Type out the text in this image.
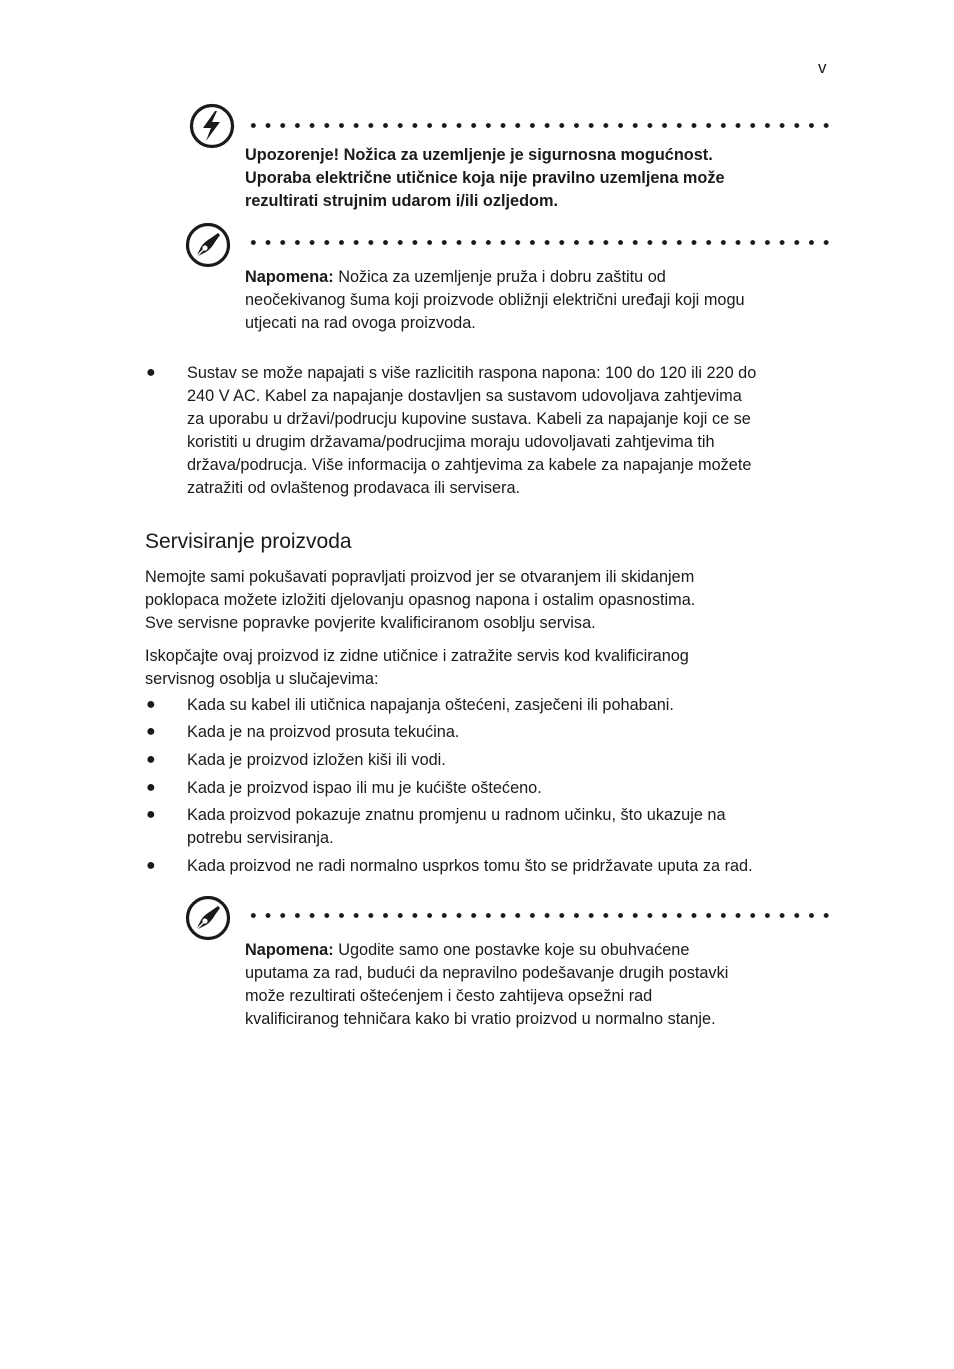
v
Upozorenje! Nožica za uzemljenje je sigurnosna mogućnost.
Uporaba električne utičnice koja nije pravilno uzemljena može
rezultirati strujnim udarom i/ili ozljedom.
Napomena: Nožica za uzemljenje pruža i dobru zaštitu od
neočekivanog šuma koji proizvode obližnji električni uređaji koji mogu
utjecati na rad ovoga proizvoda.
● Sustav se može napajati s više razlicitih raspona napona: 100 do 120 ili 220 do
240 V AC. Kabel za napajanje dostavljen sa sustavom udovoljava zahtjevima
za uporabu u državi/podrucju kupovine sustava. Kabeli za napajanje koji ce se
koristiti u drugim državama/podrucjima moraju udovoljavati zahtjevima tih
država/podrucja. Više informacija o zahtjevima za kabele za napajanje možete
zatražiti od ovlaštenog prodavaca ili servisera.
Servisiranje proizvoda
Nemojte sami pokušavati popravljati proizvod jer se otvaranjem ili skidanjem
poklopaca možete izložiti djelovanju opasnog napona i ostalim opasnostima.
Sve servisne popravke povjerite kvalificiranom osoblju servisa.
Iskopčajte ovaj proizvod iz zidne utičnice i zatražite servis kod kvalificiranog
servisnog osoblja u slučajevima:
● Kada su kabel ili utičnica napajanja oštećeni, zasječeni ili pohabani.
● Kada je na proizvod prosuta tekućina.
● Kada je proizvod izložen kiši ili vodi.
● Kada je proizvod ispao ili mu je kućište oštećeno.
● Kada proizvod pokazuje znatnu promjenu u radnom učinku, što ukazuje na
potrebu servisiranja.
● Kada proizvod ne radi normalno usprkos tomu što se pridržavate uputa za rad.
Napomena: Ugodite samo one postavke koje su obuhvaćene
uputama za rad, budući da nepravilno podešavanje drugih postavki
može rezultirati oštećenjem i često zahtijeva opsežni rad
kvalificiranog tehničara kako bi vratio proizvod u normalno stanje.
